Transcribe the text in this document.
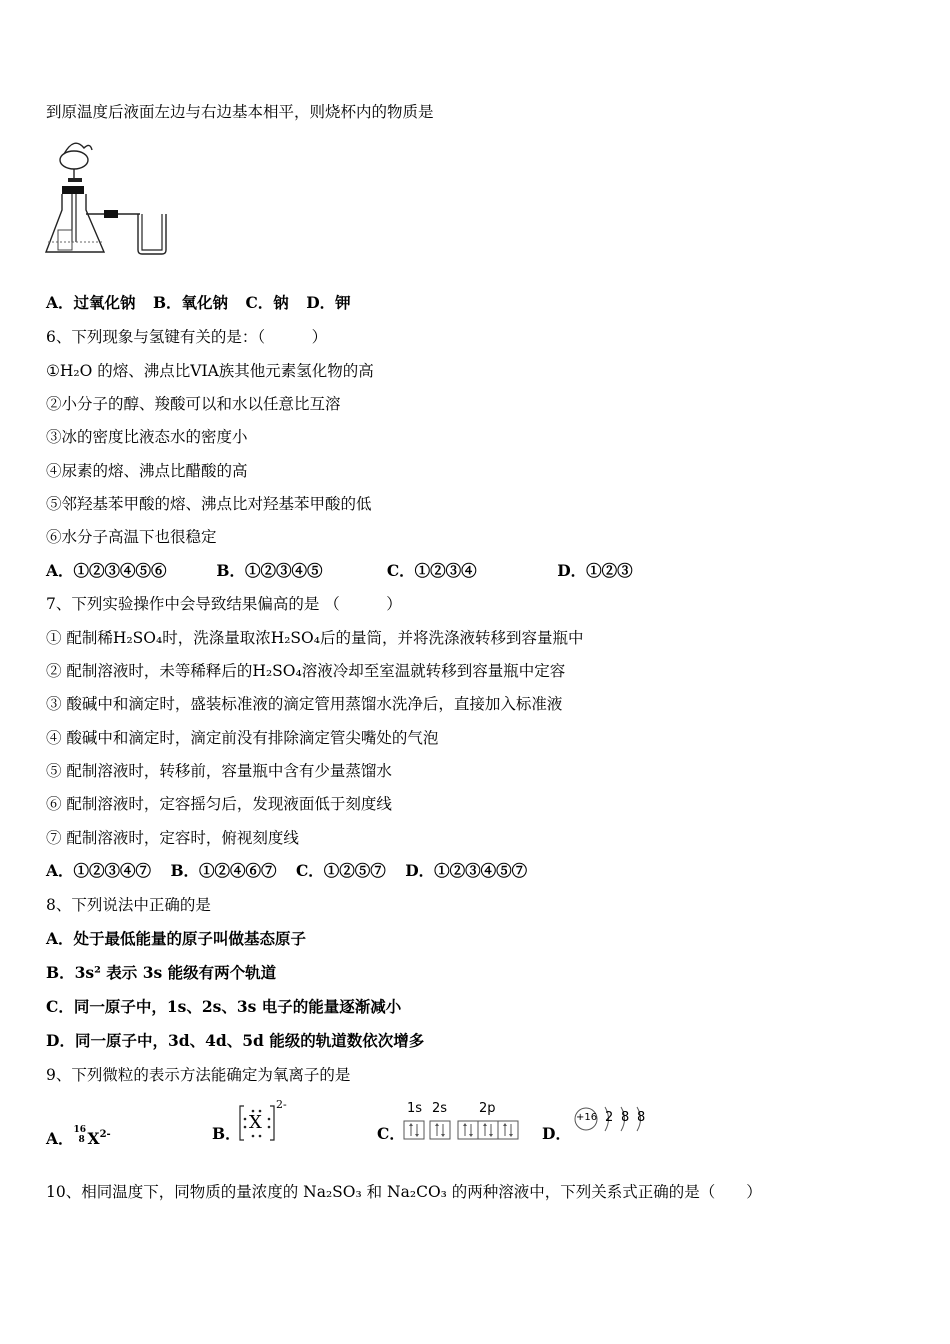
到原温度后液面左边与右边基本相平，则烧杯内的物质是
A．过氧化钠 B．氧化钠 C．钠 D．钾
6、下列现象与氢键有关的是：（　　　）
①H₂O 的熔、沸点比VIA族其他元素氢化物的高
②小分子的醇、羧酸可以和水以任意比互溶
③冰的密度比液态水的密度小
④尿素的熔、沸点比醋酸的高
⑤邻羟基苯甲酸的熔、沸点比对羟基苯甲酸的低
⑥水分子高温下也很稳定
A．①②③④⑤⑥	B．①②③④⑤	C．①②③④	D．①②③
7、下列实验操作中会导致结果偏高的是 （　　　）
① 配制稀H₂SO₄时，洗涤量取浓H₂SO₄后的量筒，并将洗涤液转移到容量瓶中
② 配制溶液时，未等稀释后的H₂SO₄溶液冷却至室温就转移到容量瓶中定容
③ 酸碱中和滴定时，盛装标准液的滴定管用蒸馏水洗净后，直接加入标准液
④ 酸碱中和滴定时，滴定前没有排除滴定管尖嘴处的气泡
⑤ 配制溶液时，转移前，容量瓶中含有少量蒸馏水
⑥ 配制溶液时，定容摇匀后，发现液面低于刻度线
⑦ 配制溶液时，定容时，俯视刻度线
A．①②③④⑦ B．①②④⑥⑦ C．①②⑤⑦ D．①②③④⑤⑦
8、下列说法中正确的是
A．处于最低能量的原子叫做基态原子
B．3s² 表示 3s 能级有两个轨道
C．同一原子中，1s、2s、3s 电子的能量逐渐减小
D．同一原子中，3d、4d、5d 能级的轨道数依次增多
9、下列微粒的表示方法能确定为氧离子的是
A． 16
8 $X^{2-}$	B．
X
2-
C．
1s 2s 2p
D．
+16 2 8 8
10、相同温度下，同物质的量浓度的 Na₂SO₃ 和 Na₂CO₃ 的两种溶液中，下列关系式正确的是（　　）
